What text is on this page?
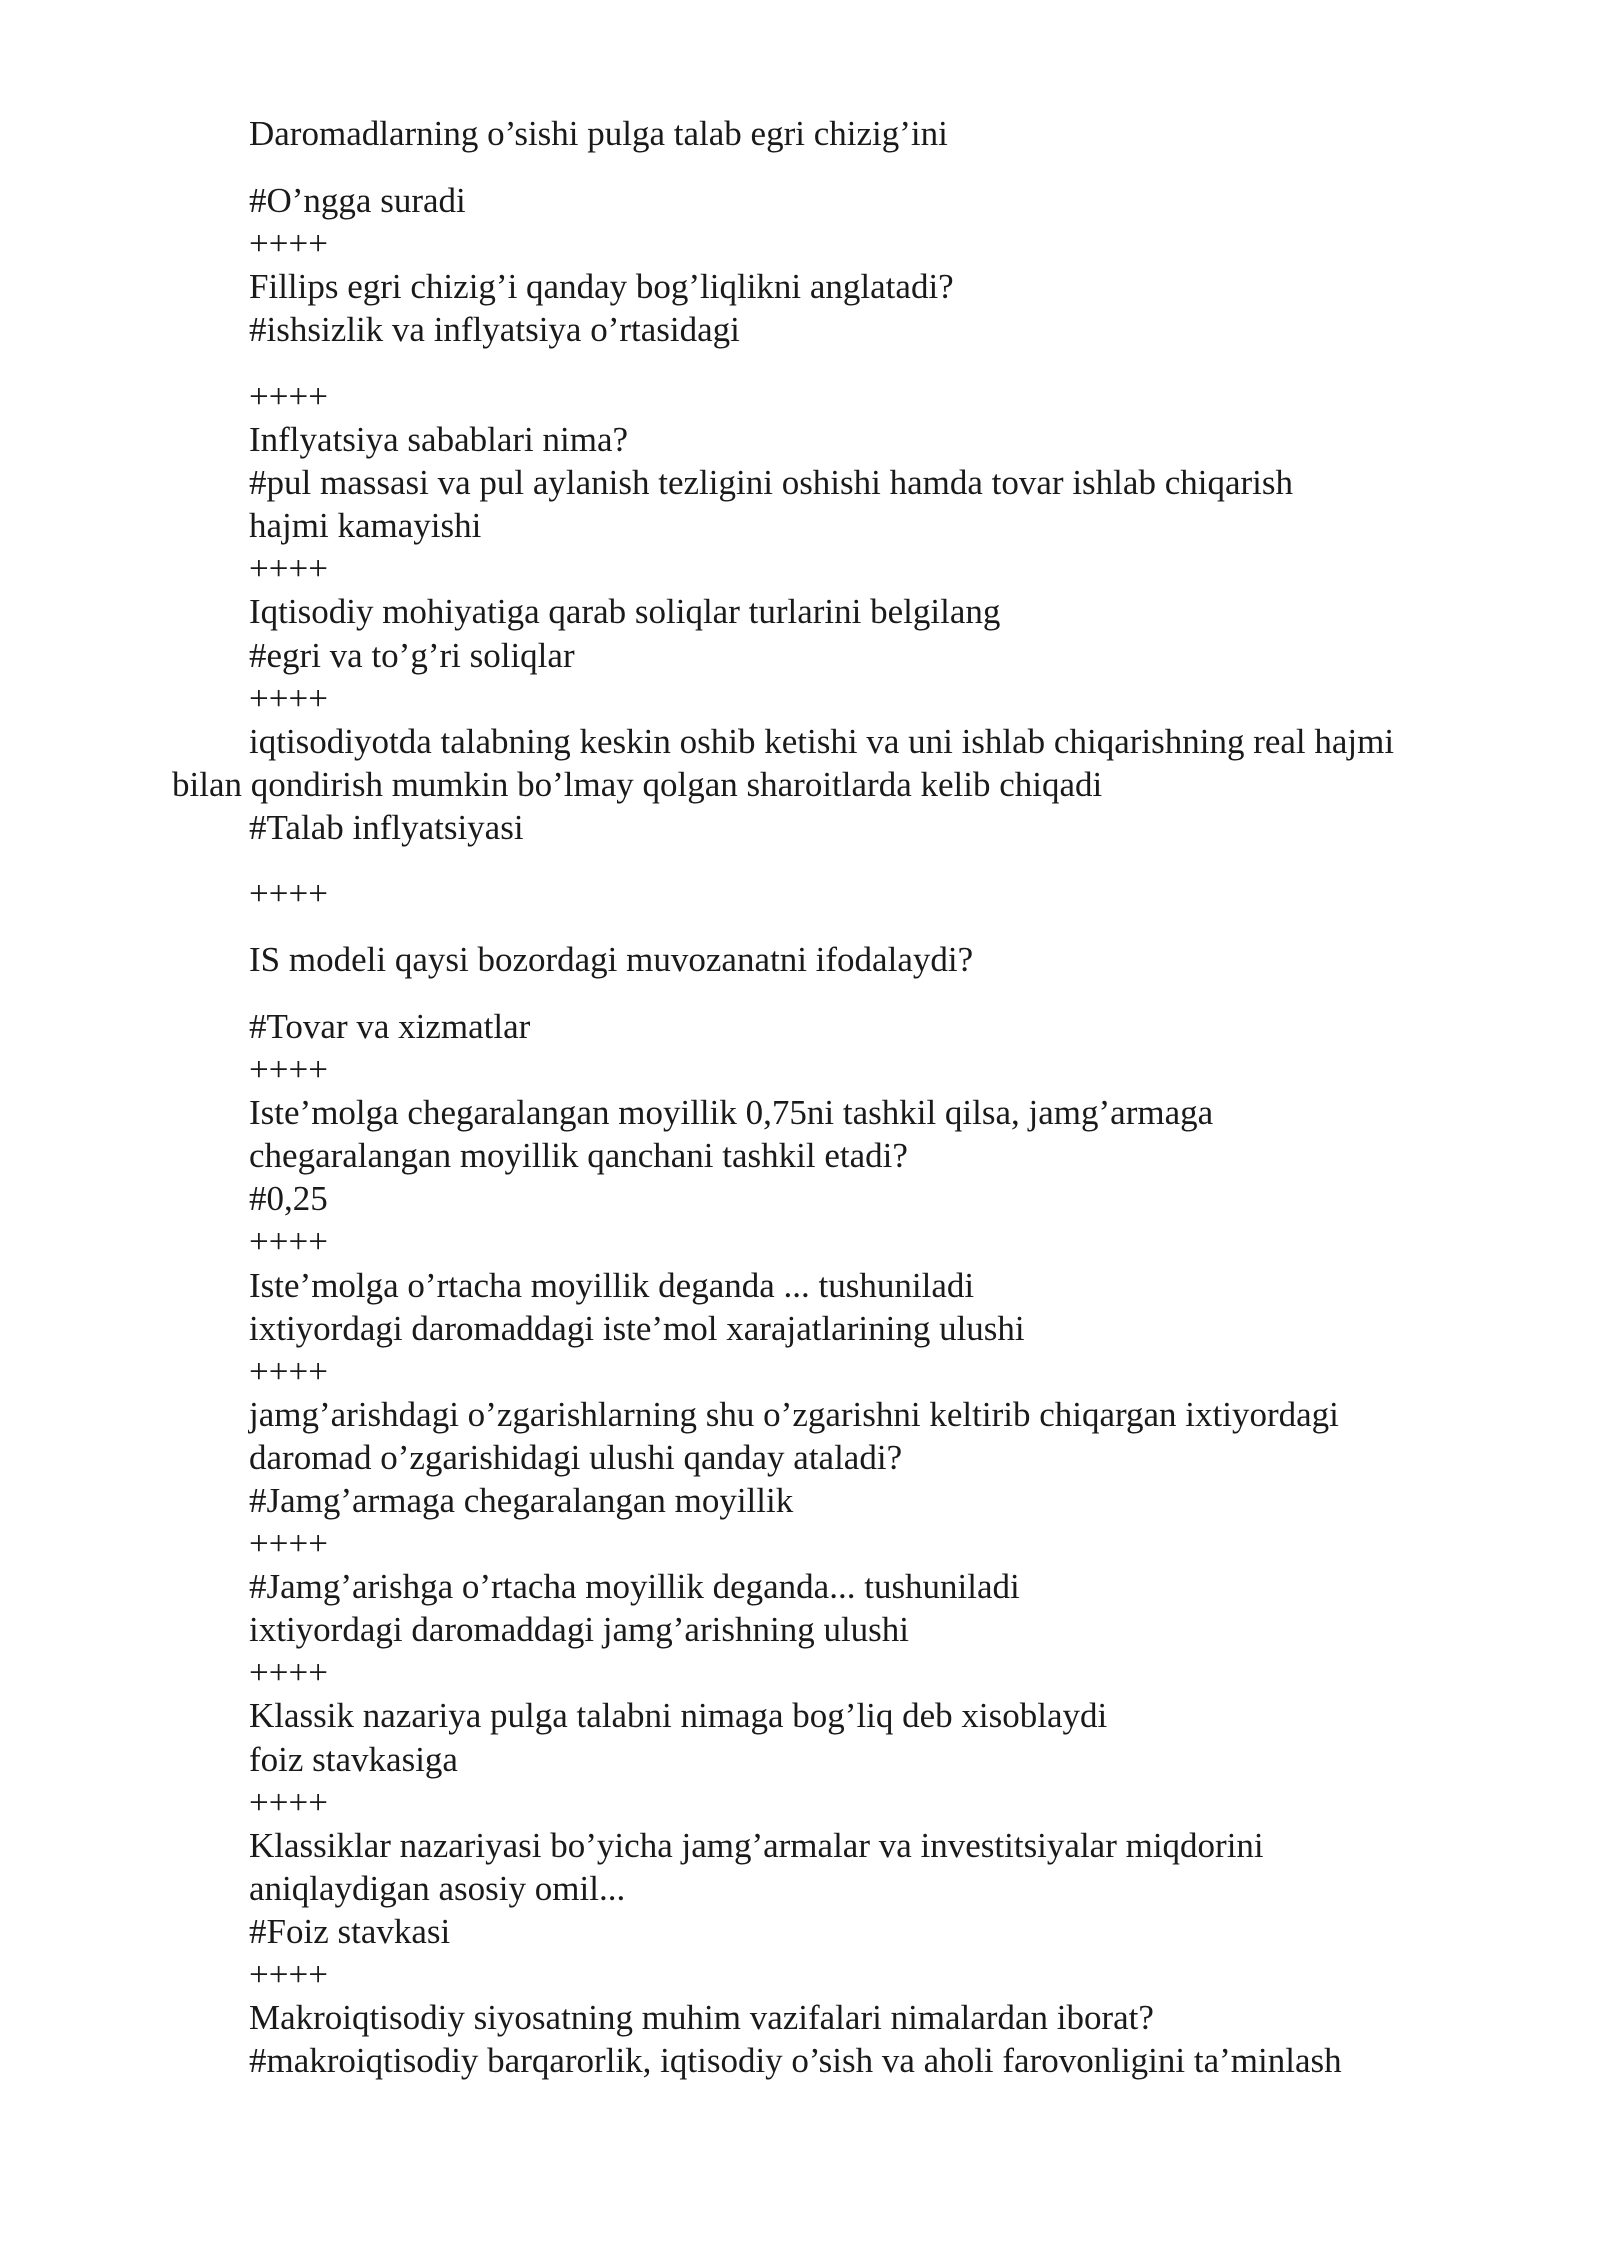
Daromadlarning o’sishi pulga talab egri chizig’ini
#O’ngga suradi
++++
Fillips egri chizig’i qanday bog’liqlikni anglatadi?
#ishsizlik va inflyatsiya o’rtasidagi
++++
Inflyatsiya sabablari nima?
#pul massasi va pul aylanish tezligini oshishi hamda tovar ishlab chiqarish
hajmi kamayishi
++++
Iqtisodiy mohiyatiga qarab soliqlar turlarini belgilang
#egri va to’g’ri soliqlar
++++
iqtisodiyotda talabning keskin oshib ketishi va uni ishlab chiqarishning real hajmi
bilan qondirish mumkin bo’lmay qolgan sharoitlarda kelib chiqadi
#Talab inflyatsiyasi
++++
IS modeli qaysi bozordagi muvozanatni ifodalaydi?
#Tovar va xizmatlar
++++
Iste’molga chegaralangan moyillik 0,75ni tashkil qilsa, jamg’armaga
chegaralangan moyillik qanchani tashkil etadi?
#0,25
++++
Iste’molga o’rtacha moyillik deganda ... tushuniladi
ixtiyordagi daromaddagi iste’mol xarajatlarining ulushi
++++
jamg’arishdagi o’zgarishlarning shu o’zgarishni keltirib chiqargan ixtiyordagi
daromad o’zgarishidagi ulushi qanday ataladi?
#Jamg’armaga chegaralangan moyillik
++++
#Jamg’arishga o’rtacha moyillik deganda... tushuniladi
ixtiyordagi daromaddagi jamg’arishning ulushi
++++
Klassik nazariya pulga talabni nimaga bog’liq deb xisoblaydi
foiz stavkasiga
++++
Klassiklar nazariyasi bo’yicha jamg’armalar va investitsiyalar miqdorini
aniqlaydigan asosiy omil...
#Foiz stavkasi
++++
Makroiqtisodiy siyosatning muhim vazifalari nimalardan iborat?
#makroiqtisodiy barqarorlik, iqtisodiy o’sish va aholi farovonligini ta’minlash
